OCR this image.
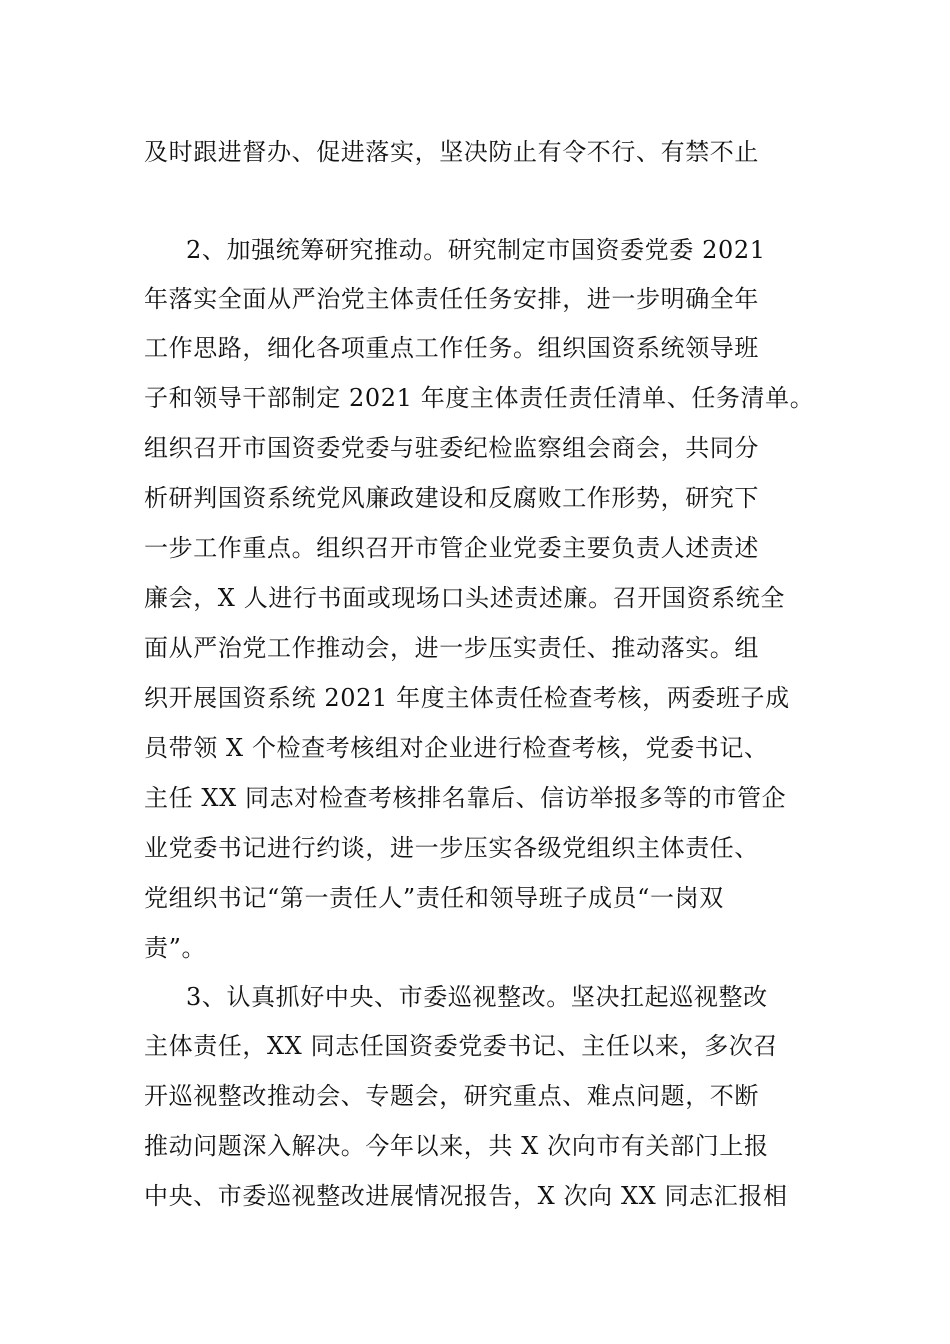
及时跟进督办、促进落实，坚决防止有令不行、有禁不止
2、加强统筹研究推动。研究制定市国资委党委 2021
年落实全面从严治党主体责任任务安排，进一步明确全年
工作思路，细化各项重点工作任务。组织国资系统领导班
子和领导干部制定 2021 年度主体责任责任清单、任务清单。
组织召开市国资委党委与驻委纪检监察组会商会，共同分
析研判国资系统党风廉政建设和反腐败工作形势，研究下
一步工作重点。组织召开市管企业党委主要负责人述责述
廉会，X 人进行书面或现场口头述责述廉。召开国资系统全
面从严治党工作推动会，进一步压实责任、推动落实。组
织开展国资系统 2021 年度主体责任检查考核，两委班子成
员带领 X 个检查考核组对企业进行检查考核，党委书记、
主任 XX 同志对检查考核排名靠后、信访举报多等的市管企
业党委书记进行约谈，进一步压实各级党组织主体责任、
党组织书记“第一责任人”责任和领导班子成员“一岗双
责”。
3、认真抓好中央、市委巡视整改。坚决扛起巡视整改
主体责任，XX 同志任国资委党委书记、主任以来，多次召
开巡视整改推动会、专题会，研究重点、难点问题，不断
推动问题深入解决。今年以来，共 X 次向市有关部门上报
中央、市委巡视整改进展情况报告，X 次向 XX 同志汇报相
